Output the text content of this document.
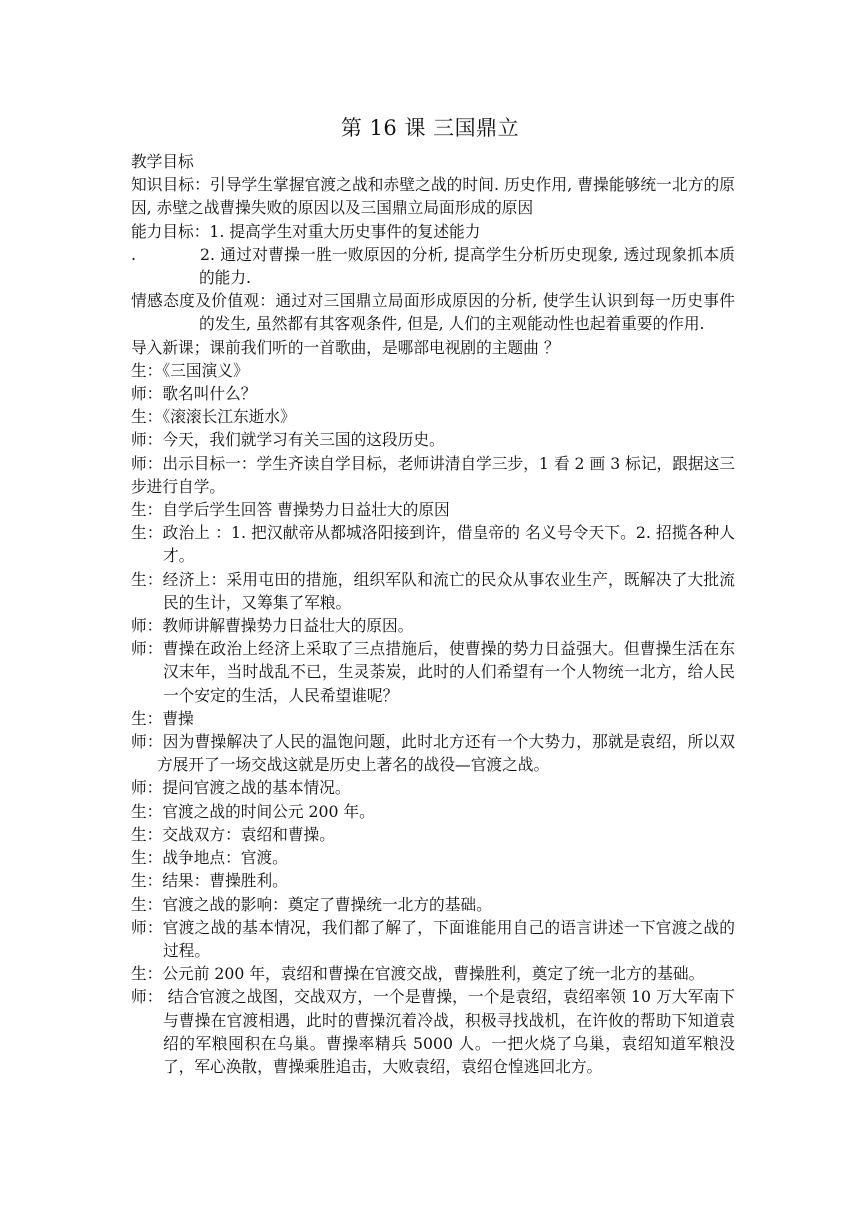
第 16 课 三国鼎立

教学目标

知识目标：引导学生掌握官渡之战和赤壁之战的时间. 历史作用, 曹操能够统一北方的原因, 赤壁之战曹操失败的原因以及三国鼎立局面形成的原因

能力目标：1. 提高学生对重大历史事件的复述能力

.　　　　2. 通过对曹操一胜一败原因的分析, 提高学生分析历史现象, 透过现象抓本质的能力.

情感态度及价值观：通过对三国鼎立局面形成原因的分析, 使学生认识到每一历史事件的发生, 虽然都有其客观条件, 但是, 人们的主观能动性也起着重要的作用.

导入新课；课前我们听的一首歌曲，是哪部电视剧的主题曲 ？

生：《三国演义》

师：歌名叫什么？

生：《滚滚长江东逝水》

师：今天，我们就学习有关三国的这段历史。

师：出示目标一：学生齐读自学目标，老师讲清自学三步，1 看 2 画 3 标记，跟据这三步进行自学。

生：自学后学生回答 曹操势力日益壮大的原因

生：政治上 ：1. 把汉献帝从都城洛阳接到许，借皇帝的 名义号令天下。2. 招揽各种人才。

生：经济上：采用屯田的措施，组织军队和流亡的民众从事农业生产，既解决了大批流民的生计，又筹集了军粮。

师：教师讲解曹操势力日益壮大的原因。

师：曹操在政治上经济上采取了三点措施后，使曹操的势力日益强大。但曹操生活在东汉末年，当时战乱不已，生灵荼炭，此时的人们希望有一个人物统一北方，给人民一个安定的生活，人民希望谁呢？

生：曹操

师：因为曹操解决了人民的温饱问题，此时北方还有一个大势力，那就是袁绍，所以双方展开了一场交战这就是历史上著名的战役—官渡之战。

师：提问官渡之战的基本情况。

生：官渡之战的时间公元 200 年。

生：交战双方：袁绍和曹操。

生：战争地点：官渡。

生：结果：曹操胜利。

生：官渡之战的影响：奠定了曹操统一北方的基础。

师：官渡之战的基本情况，我们都了解了，下面谁能用自己的语言讲述一下官渡之战的过程。

生：公元前 200 年，袁绍和曹操在官渡交战，曹操胜利，奠定了统一北方的基础。

师： 结合官渡之战图，交战双方，一个是曹操，一个是袁绍，袁绍率领 10 万大军南下与曹操在官渡相遇，此时的曹操沉着冷战，积极寻找战机，在许攸的帮助下知道袁绍的军粮囤积在乌巢。曹操率精兵 5000 人。一把火烧了乌巢，袁绍知道军粮没了，军心涣散，曹操乘胜追击，大败袁绍，袁绍仓惶逃回北方。
